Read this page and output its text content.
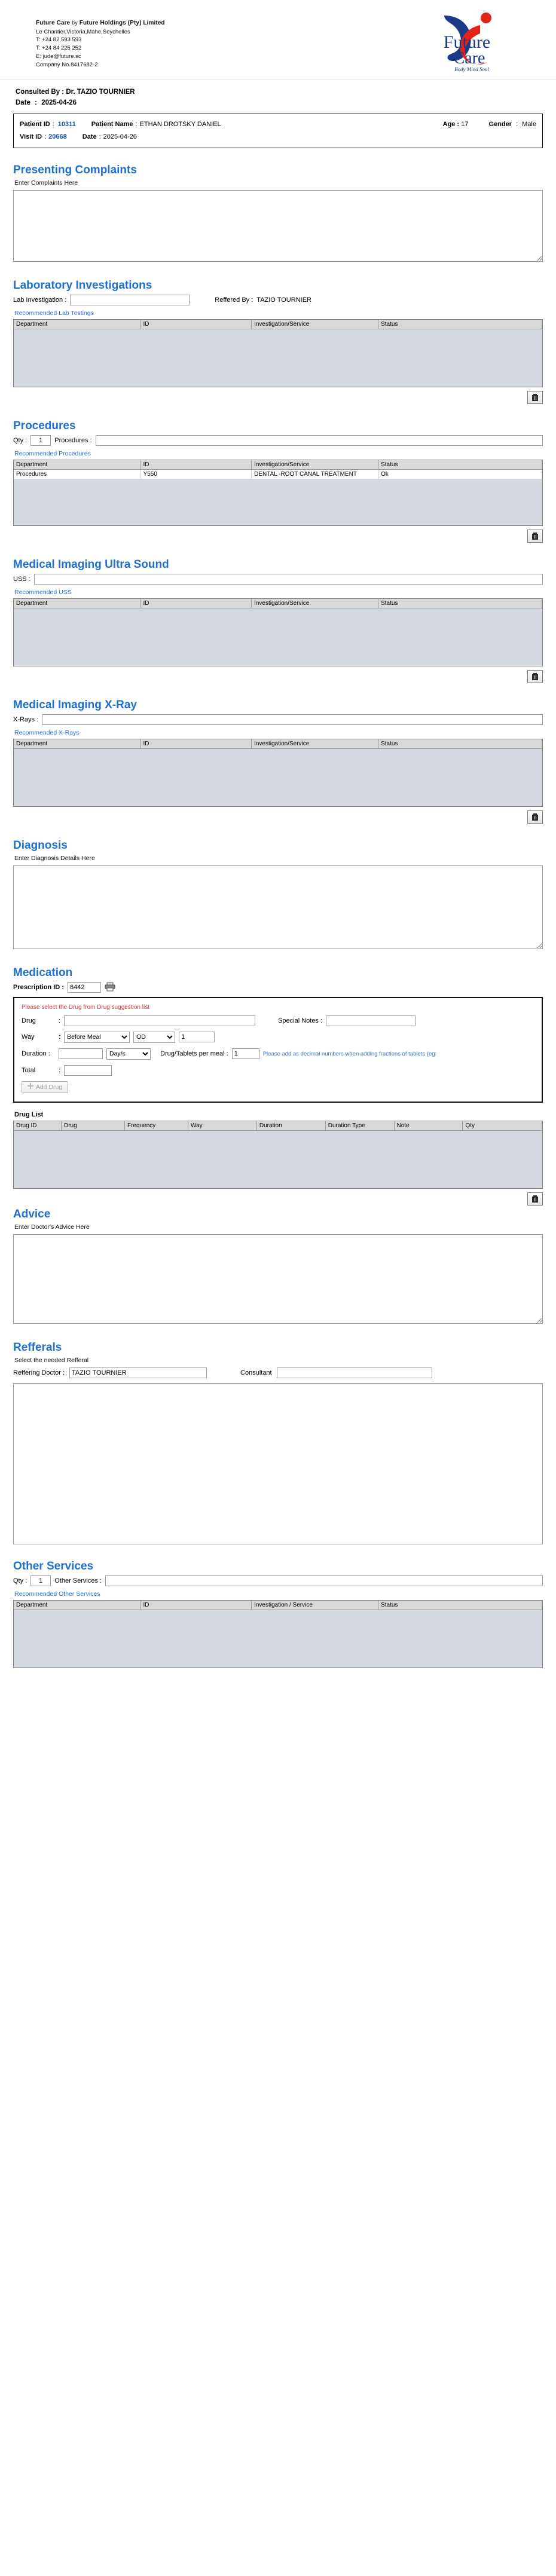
Future Care by Future Holdings (Pty) Limited
Le Chantier,Victoria,Mahe,Seychelles
T: +24 82 593 593
T: +24 84 225 252
E: jude@future.sc
Company No.8417682-2
Future
Care
Body Mind Soul
Consulted By : Dr. TAZIO TOURNIER
Date : 2025-04-26
Patient ID : 10311 Patient Name : ETHAN DROTSKY DANIEL	Age : 17	Gender : Male
Visit ID : 20668 Date : 2025-04-26
Presenting Complaints
Enter Complaints Here
Laboratory Investigations
Lab Investigation :	Reffered By : TAZIO TOURNIER
Recommended Lab Testings
Department	ID	Investigation/Service	Status
Procedures
Qty :
1	Procedures :
Recommended Procedures
Department	ID	Investigation/Service	Status
Procedures	Y550	DENTAL -ROOT CANAL TREATMENT	Ok
Medical Imaging Ultra Sound
USS :
Recommended USS
Department	ID	Investigation/Service	Status
Medical Imaging X-Ray
X-Rays :
Recommended X-Rays
Department	ID	Investigation/Service	Status
Diagnosis
Enter Diagnosis Details Here
Medication
Prescription ID :
6442
Please select the Drug from Drug suggestion list
Drug	:	Special Notes :
Way	:
Before Meal
OD
1
Duration :
Day/s	Drug/Tablets per meal :
1	Please add as decimal numbers when adding fractions of tablets (eg:
Total	:
Add Drug
Drug List
Drug ID	Drug	Frequency	Way	Duration	Duration Type	Note	Qty
Advice
Enter Doctor's Advice Here
Refferals
Select the needed Refferal
Reffering Doctor :
TAZIO TOURNIER	Consultant
Other Services
Qty :
1	Other Services :
Recommended Other Services
Department	ID	Investigation / Service	Status
